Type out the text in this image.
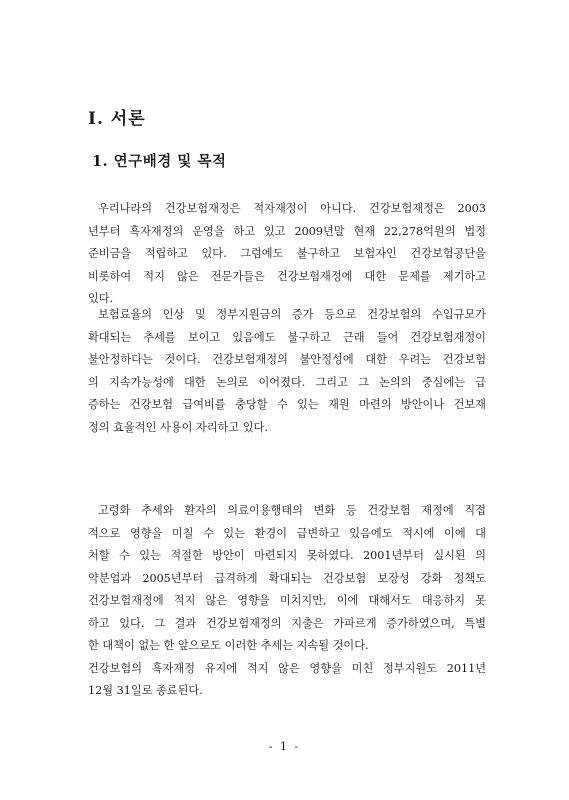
Ⅰ. 서론
1. 연구배경 및 목적
우리나라의 건강보험재정은 적자재정이 아니다. 건강보험재정은 2003
년부터 흑자재정의 운영을 하고 있고 2009년말 현재 22,278억원의 법정
준비금을 적립하고 있다. 그럼에도 불구하고 보험자인 건강보험공단을
비롯하여 적지 않은 전문가들은 건강보험재정에 대한 문제를 제기하고
있다.
보험료율의 인상 및 정부지원금의 증가 등으로 건강보험의 수입규모가
확대되는 추세를 보이고 있음에도 불구하고 근래 들어 건강보험재정이
불안정하다는 것이다. 건강보험재정의 불안정성에 대한 우려는 건강보험
의 지속가능성에 대한 논의로 이어졌다. 그리고 그 논의의 중심에는 급
증하는 건강보험 급여비를 충당할 수 있는 재원 마련의 방안이나 건보재
정의 효율적인 사용이 자리하고 있다.
고령화 추세와 환자의 의료이용행태의 변화 등 건강보험 재정에 직접
적으로 영향을 미칠 수 있는 환경이 급변하고 있음에도 적시에 이에 대
처할 수 있는 적절한 방안이 마련되지 못하였다. 2001년부터 실시된 의
약분업과 2005년부터 급격하게 확대되는 건강보험 보장성 강화 정책도
건강보험재정에 적지 않은 영향을 미치지만, 이에 대해서도 대응하지 못
하고 있다. 그 결과 건강보험재정의 지출은 가파르게 증가하였으며, 특별
한 대책이 없는 한 앞으로도 이러한 추세는 지속될 것이다.
건강보험의 흑자재정 유지에 적지 않은 영향을 미친 정부지원도 2011년
12월 31일로 종료된다.
- 1 -
